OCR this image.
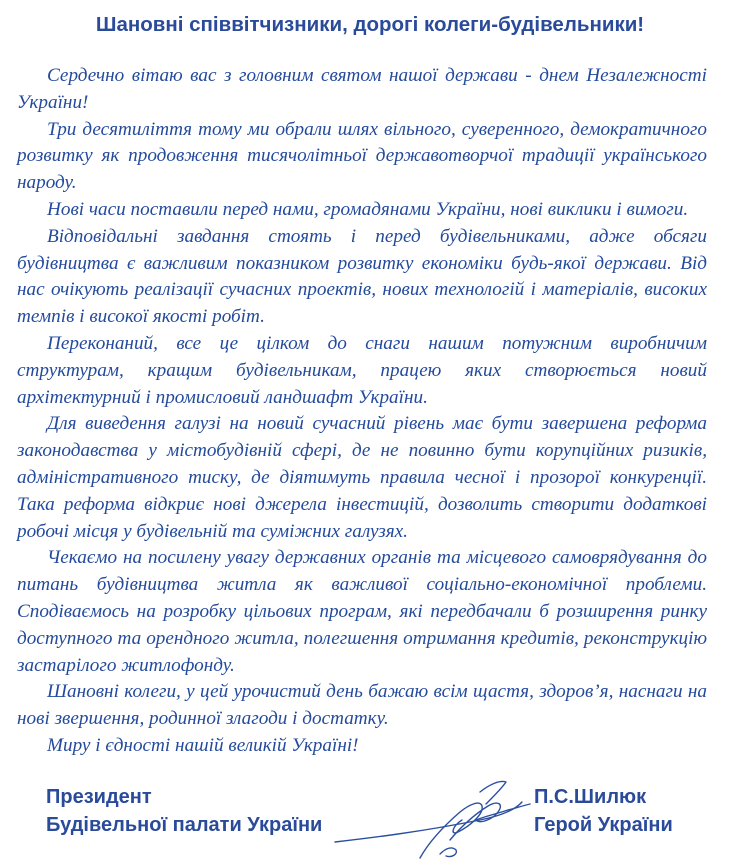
Шановні співвітчизники, дорогі колеги-будівельники!

Сердечно вітаю вас з головним святом нашої держави - днем Незалежності України!

Три десятиліття тому ми обрали шлях вільного, суверенного, демократичного розвитку як продовження тисячолітньої державотворчої традиції українського народу.

Нові часи поставили перед нами, громадянами України, нові виклики і вимоги.

Відповідальні завдання стоять і перед будівельниками, адже обсяги будівництва є важливим показником розвитку економіки будь-якої держави. Від нас очікують реалізації сучасних проектів, нових технологій і матеріалів, високих темпів і високої якості робіт.

Переконаний, все це цілком до снаги нашим потужним виробничим структурам, кращим будівельникам, працею яких створюється новий архітектурний і промисловий ландшафт України.

Для виведення галузі на новий сучасний рівень має бути завершена реформа законодавства у містобудівній сфері, де не повинно бути корупційних ризиків, адміністративного тиску, де діятимуть правила чесної і прозорої конкуренції. Така реформа відкриє нові джерела інвестицій, дозволить створити додаткові робочі місця у будівельній та суміжних галузях.

Чекаємо на посилену увагу державних органів та місцевого самоврядування до питань будівництва житла як важливої соціально-економічної проблеми. Сподіваємось на розробку цільових програм, які передбачали б розширення ринку доступного та орендного житла, полегшення отримання кредитів, реконструкцію застарілого житлофонду.

Шановні колеги, у цей урочистий день бажаю всім щастя, здоров’я, наснаги на нові звершення, родинної злагоди і достатку.

Миру і єдності нашій великій Україні!

Президент
Будівельної палати України
П.С.Шилюк
Герой України
